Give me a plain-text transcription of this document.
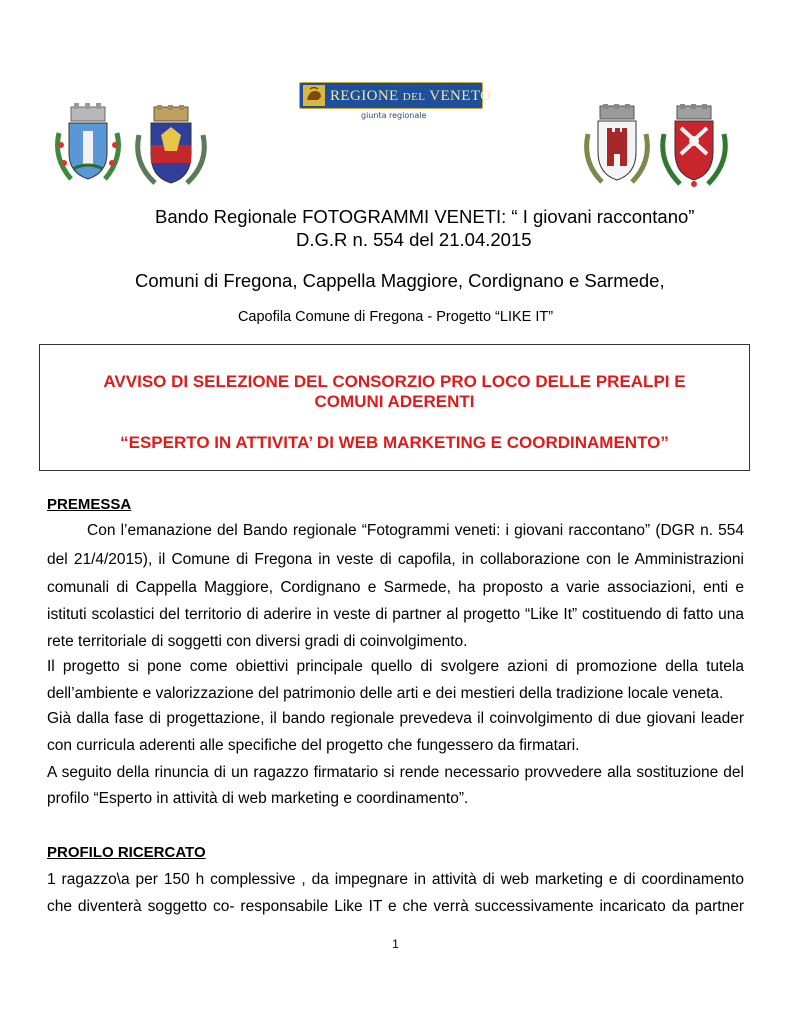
REGIONE DEL VENETO
giunta regionale
Bando Regionale FOTOGRAMMI VENETI: “ I giovani raccontano”
D.G.R n. 554 del 21.04.2015
Comuni di Fregona, Cappella Maggiore, Cordignano e Sarmede,
Capofila Comune di Fregona - Progetto “LIKE IT”
AVVISO DI SELEZIONE DEL CONSORZIO PRO LOCO DELLE PREALPI E
COMUNI ADERENTI
“ESPERTO IN ATTIVITA’ DI WEB MARKETING E COORDINAMENTO”
PREMESSA
Con l’emanazione del Bando regionale “Fotogrammi veneti: i giovani raccontano” (DGR n. 554
del 21/4/2015), il Comune di Fregona in veste di capofila, in collaborazione con le Amministrazioni
comunali di Cappella Maggiore, Cordignano e Sarmede, ha proposto a varie associazioni, enti e
istituti scolastici del territorio di aderire in veste di partner al progetto “Like It” costituendo di fatto una
rete territoriale di soggetti con diversi gradi di coinvolgimento.
Il progetto si pone come obiettivi principale quello di svolgere azioni di promozione della tutela
dell’ambiente e valorizzazione del patrimonio delle arti e dei mestieri della tradizione locale veneta.
Già dalla fase di progettazione, il bando regionale prevedeva il coinvolgimento di due giovani leader
con curricula aderenti alle specifiche del progetto che fungessero da firmatari.
A seguito della rinuncia di un ragazzo firmatario si rende necessario provvedere alla sostituzione del
profilo “Esperto in attività di web marketing e coordinamento”.
PROFILO RICERCATO
1 ragazzo\a per 150 h complessive , da impegnare in attività di web marketing e di coordinamento
che diventerà soggetto co- responsabile Like IT e che verrà successivamente incaricato da partner
1
